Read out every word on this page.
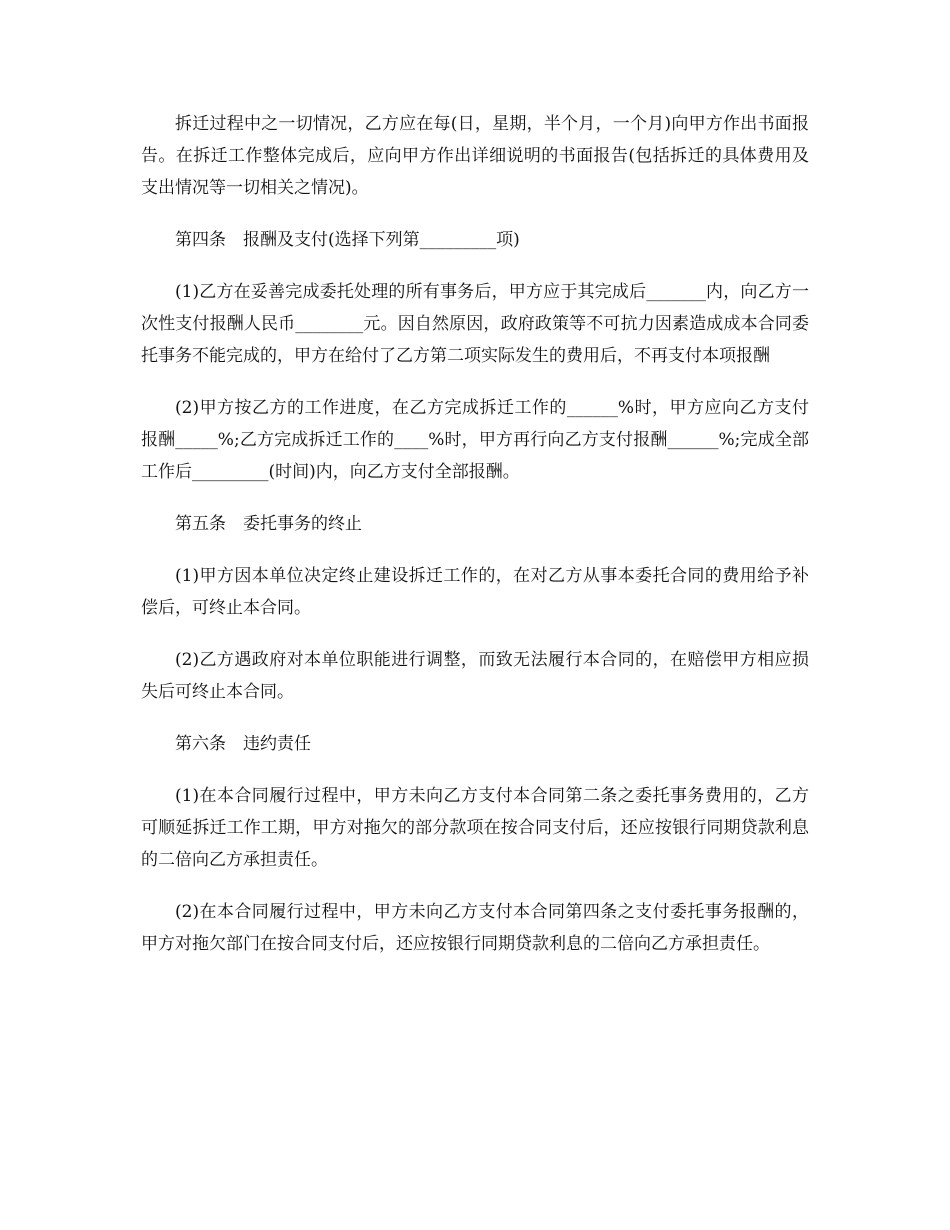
拆迁过程中之一切情况，乙方应在每(日，星期，半个月，一个月)向甲方作出书面报告。在拆迁工作整体完成后，应向甲方作出详细说明的书面报告(包括拆迁的具体费用及支出情况等一切相关之情况)。

第四条　报酬及支付(选择下列第_________项)

(1)乙方在妥善完成委托处理的所有事务后，甲方应于其完成后_______内，向乙方一次性支付报酬人民币________元。因自然原因，政府政策等不可抗力因素造成成本合同委托事务不能完成的，甲方在给付了乙方第二项实际发生的费用后，不再支付本项报酬

(2)甲方按乙方的工作进度，在乙方完成拆迁工作的______%时，甲方应向乙方支付报酬_____%;乙方完成拆迁工作的____%时，甲方再行向乙方支付报酬______%;完成全部工作后_________(时间)内，向乙方支付全部报酬。

第五条　委托事务的终止

(1)甲方因本单位决定终止建设拆迁工作的，在对乙方从事本委托合同的费用给予补偿后，可终止本合同。

(2)乙方遇政府对本单位职能进行调整，而致无法履行本合同的，在赔偿甲方相应损失后可终止本合同。

第六条　违约责任

(1)在本合同履行过程中，甲方未向乙方支付本合同第二条之委托事务费用的，乙方可顺延拆迁工作工期，甲方对拖欠的部分款项在按合同支付后，还应按银行同期贷款利息的二倍向乙方承担责任。

(2)在本合同履行过程中，甲方未向乙方支付本合同第四条之支付委托事务报酬的，甲方对拖欠部门在按合同支付后，还应按银行同期贷款利息的二倍向乙方承担责任。
